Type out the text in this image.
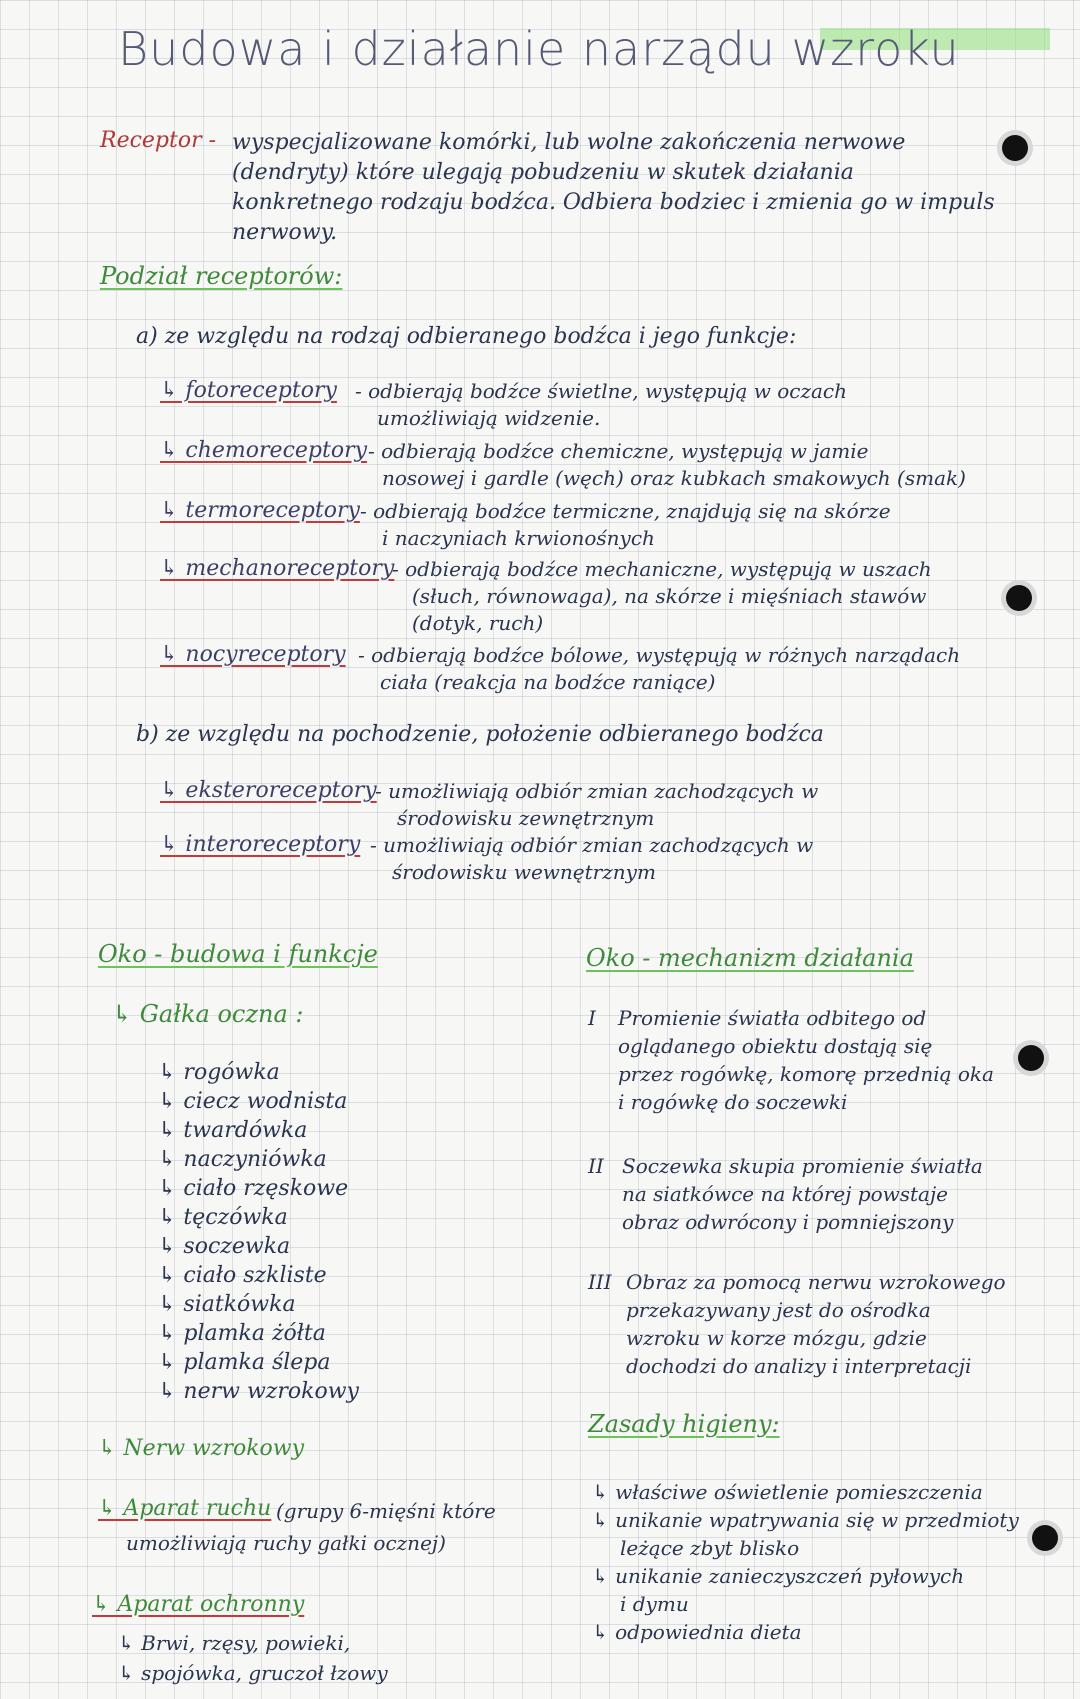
Budowa i działanie narządu wzroku
Receptor - wyspecjalizowane komórki, lub wolne zakończenia nerwowe
(dendryty) które ulegają pobudzeniu w skutek działania
konkretnego rodzaju bodźca. Odbiera bodziec i zmienia go w impuls
nerwowy.
Podział receptorów:
a) ze względu na rodzaj odbieranego bodźca i jego funkcje:
↳ fotoreceptory - odbierają bodźce świetlne, występują w oczach
umożliwiają widzenie.
↳ chemoreceptory - odbierają bodźce chemiczne, występują w jamie
nosowej i gardle (węch) oraz kubkach smakowych (smak)
↳ termoreceptory - odbierają bodźce termiczne, znajdują się na skórze
i naczyniach krwionośnych
↳ mechanoreceptory
- odbierają bodźce mechaniczne, występują w uszach
(słuch, równowaga), na skórze i mięśniach stawów
(dotyk, ruch)
↳ nocyreceptory - odbierają bodźce bólowe, występują w różnych narządach
ciała (reakcja na bodźce raniące)
b) ze względu na pochodzenie, położenie odbieranego bodźca
↳ eksteroreceptory
- umożliwiają odbiór zmian zachodzących w
środowisku zewnętrznym
↳ interoreceptory - umożliwiają odbiór zmian zachodzących w
środowisku wewnętrznym
Oko - budowa i funkcje
↳ Gałka oczna :
↳ rogówka
↳ ciecz wodnista
↳ twardówka
↳ naczyniówka
↳ ciało rzęskowe
↳ tęczówka
↳ soczewka
↳ ciało szkliste
↳ siatkówka
↳ plamka żółta
↳ plamka ślepa
↳ nerw wzrokowy
↳ Nerw wzrokowy
↳ Aparat ruchu (grupy 6-mięśni które
umożliwiają ruchy gałki ocznej)
↳ Aparat ochronny
↳ Brwi, rzęsy, powieki,
↳ spojówka, gruczoł łzowy
Oko - mechanizm działania
I Promienie światła odbitego od
oglądanego obiektu dostają się
przez rogówkę, komorę przednią oka
i rogówkę do soczewki
II Soczewka skupia promienie światła
na siatkówce na której powstaje
obraz odwrócony i pomniejszony
III Obraz za pomocą nerwu wzrokowego
przekazywany jest do ośrodka
wzroku w korze mózgu, gdzie
dochodzi do analizy i interpretacji
Zasady higieny:
↳ właściwe oświetlenie pomieszczenia
↳ unikanie wpatrywania się w przedmioty
leżące zbyt blisko
↳ unikanie zanieczyszczeń pyłowych
i dymu
↳ odpowiednia dieta
